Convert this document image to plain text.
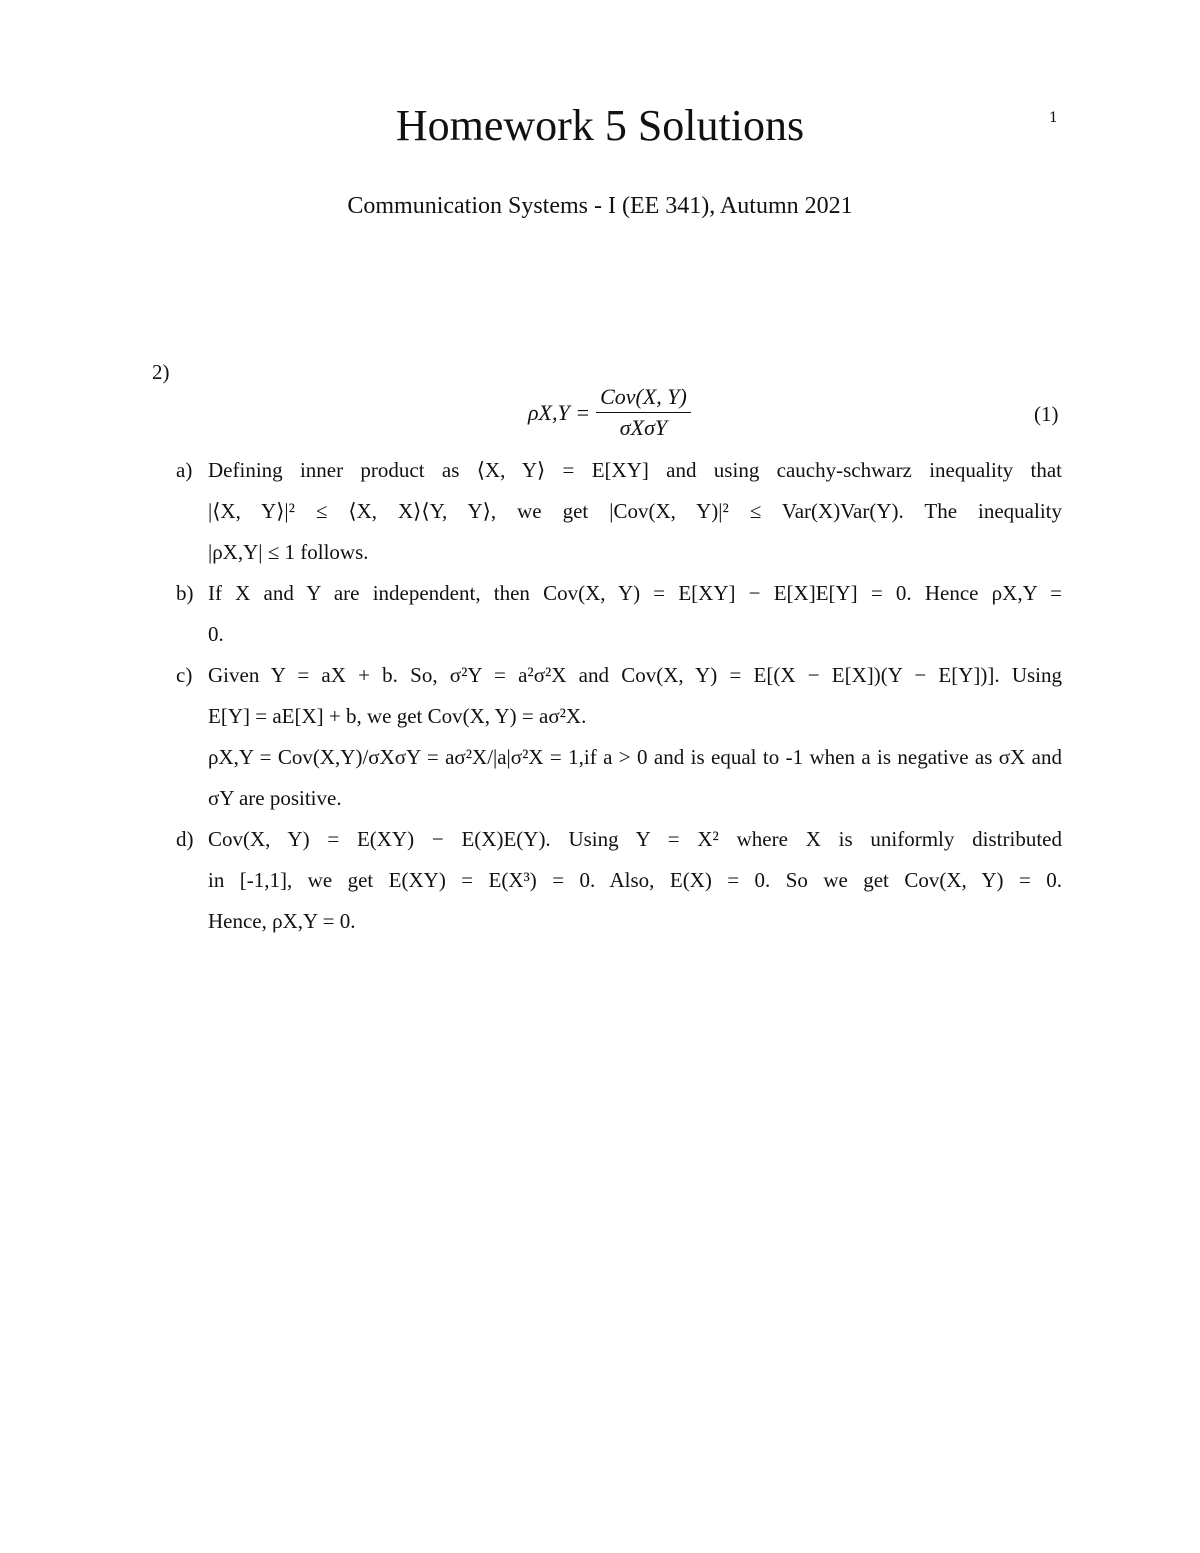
1
Homework 5 Solutions
Communication Systems - I (EE 341), Autumn 2021
2)
$\rho X,Y = \frac{\text{Cov(X, Y)}}{\text{σXσY}}$	(1)
a) Defining inner product as ⟨X, Y⟩ = E[XY] and using cauchy-schwarz inequality that
|⟨X, Y⟩|² ≤ ⟨X, X⟩⟨Y, Y⟩, we get |Cov(X, Y)|² ≤ Var(X)Var(Y). The inequality
|ρX,Y| ≤ 1 follows.
b) If X and Y are independent, then Cov(X, Y) = E[XY] − E[X]E[Y] = 0. Hence ρX,Y =
0.
c) Given Y = aX + b. So, σ²Y = a²σ²X and Cov(X, Y) = E[(X − E[X])(Y − E[Y])]. Using
E[Y] = aE[X] + b, we get Cov(X, Y) = aσ²X.
ρX,Y = Cov(X,Y)/σXσY = aσ²X/|a|σ²X = 1,if a > 0 and is equal to -1 when a is negative as σX and
σY are positive.
d) Cov(X, Y) = E(XY) − E(X)E(Y). Using Y = X² where X is uniformly distributed
in [-1,1], we get E(XY) = E(X³) = 0. Also, E(X) = 0. So we get Cov(X, Y) = 0.
Hence, ρX,Y = 0.
